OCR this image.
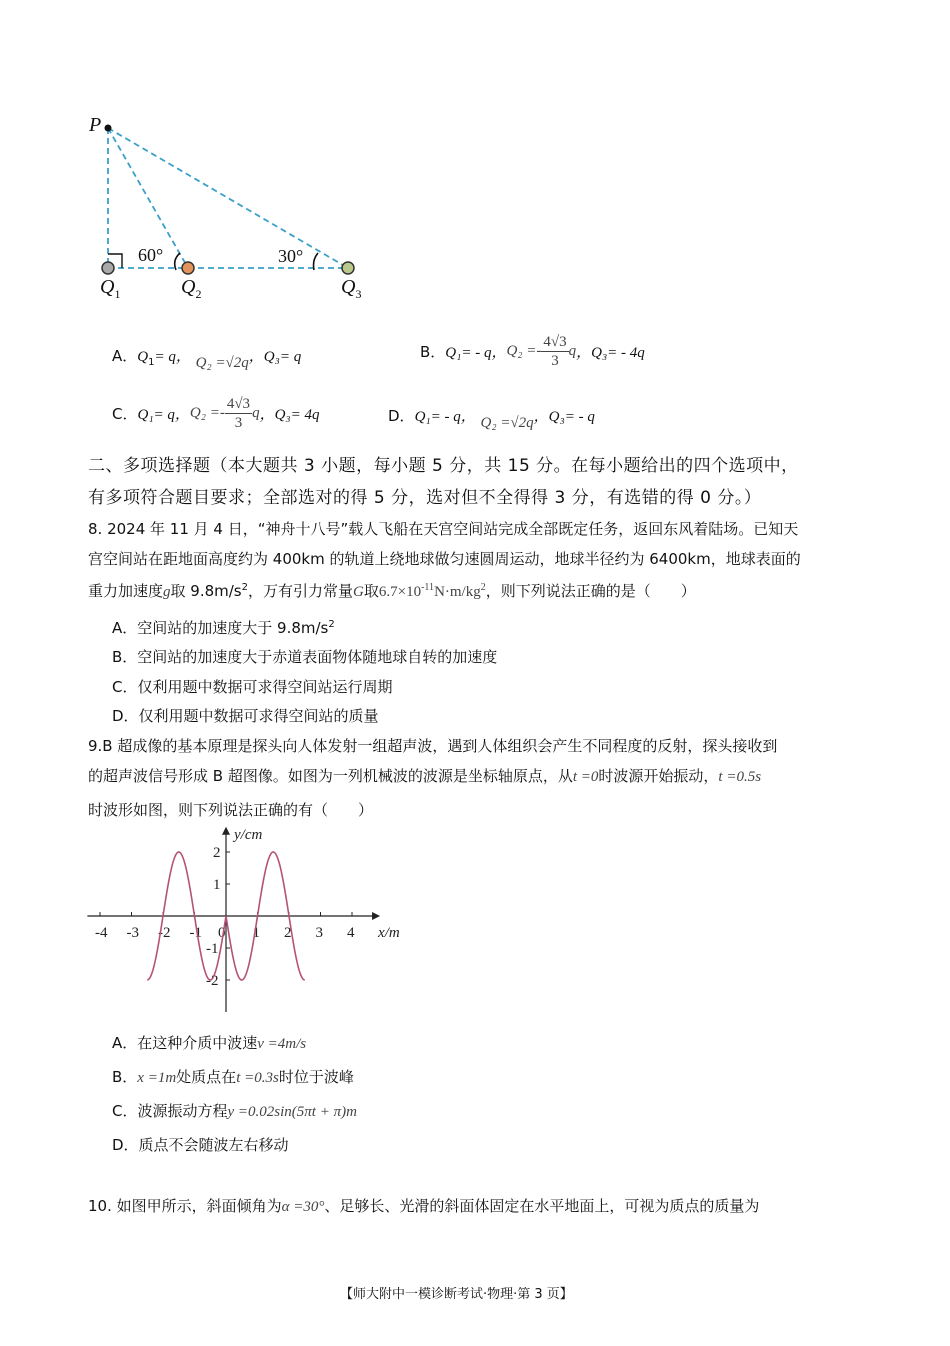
P
60°	30°
$Q_1$	$Q_2$	$Q_3$
A．$Q_1= q$， Q₂ =√2q，Q₃= q	B． Q₁= - q， $Q_2 =- \frac{4√3}{3}$ q ，Q₃= - 4q
C． Q₁= q， $Q_2 =- \frac{4√3}{3}$ q ，Q₃= 4q	D．Q₁= - q， Q₂ =√2q，Q₃= - q
二、多项选择题（本大题共 3 小题，每小题 5 分，共 15 分。在每小题给出的四个选项中，
有多项符合题目要求；全部选对的得 5 分，选对但不全得得 3 分，有选错的得 0 分。）
8. 2024 年 11 月 4 日，“神舟十八号”载人飞船在天宫空间站完成全部既定任务，返回东风着陆场。已知天
宫空间站在距地面高度约为 400km 的轨道上绕地球做匀速圆周运动，地球半径约为 6400km，地球表面的
重力加速度g取 $9.8m/s^2$，万有引力常量G取$6.7\times 10^{-11}N\cdot m/kg^2$，则下列说法正确的是（　　）
A．空间站的加速度大于 $9.8m/s^2$
B．空间站的加速度大于赤道表面物体随地球自转的加速度
C．仅利用题中数据可求得空间站运行周期
D．仅利用题中数据可求得空间站的质量
9.B 超成像的基本原理是探头向人体发射一组超声波，遇到人体组织会产生不同程度的反射，探头接收到
的超声波信号形成 B 超图像。如图为一列机械波的波源是坐标轴原点，从t =0时波源开始振动，t =0.5s
时波形如图，则下列说法正确的有（　　）
-4 -3 -2 -1 0 1 2 3 4
2
1
-1
-2
x/m
y/cm
A．在这种介质中波速v =4m/s
B．x =1m处质点在t =0.3s时位于波峰
C．波源振动方程y =0.02sin(5πt + π)m
D．质点不会随波左右移动
10. 如图甲所示，斜面倾角为α =30°、足够长、光滑的斜面体固定在水平地面上，可视为质点的质量为
【师大附中一模诊断考试·物理·第 3 页】
